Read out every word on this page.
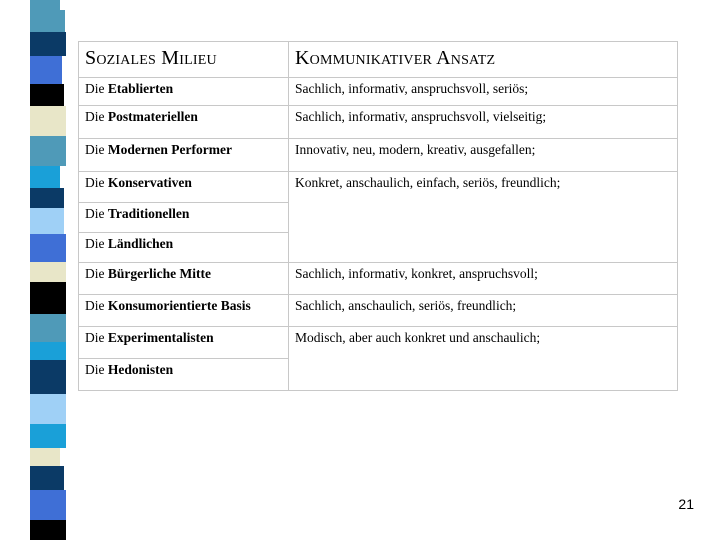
Soziales Milieu	Kommunikativer Ansatz
Die Etablierten	Sachlich, informativ, anspruchsvoll, seriös;
Die Postmateriellen	Sachlich, informativ, anspruchsvoll, vielseitig;
Die Modernen Performer	Innovativ, neu, modern, kreativ, ausgefallen;
Die Konservativen	Konkret, anschaulich, einfach, seriös, freundlich;
Die Traditionellen	
Die Ländlichen	
Die Bürgerliche Mitte	Sachlich, informativ, konkret, anspruchsvoll;
Die Konsumorientierte Basis	Sachlich, anschaulich, seriös, freundlich;
Die Experimentalisten	Modisch, aber auch konkret und anschaulich;
Die Hedonisten	
21
